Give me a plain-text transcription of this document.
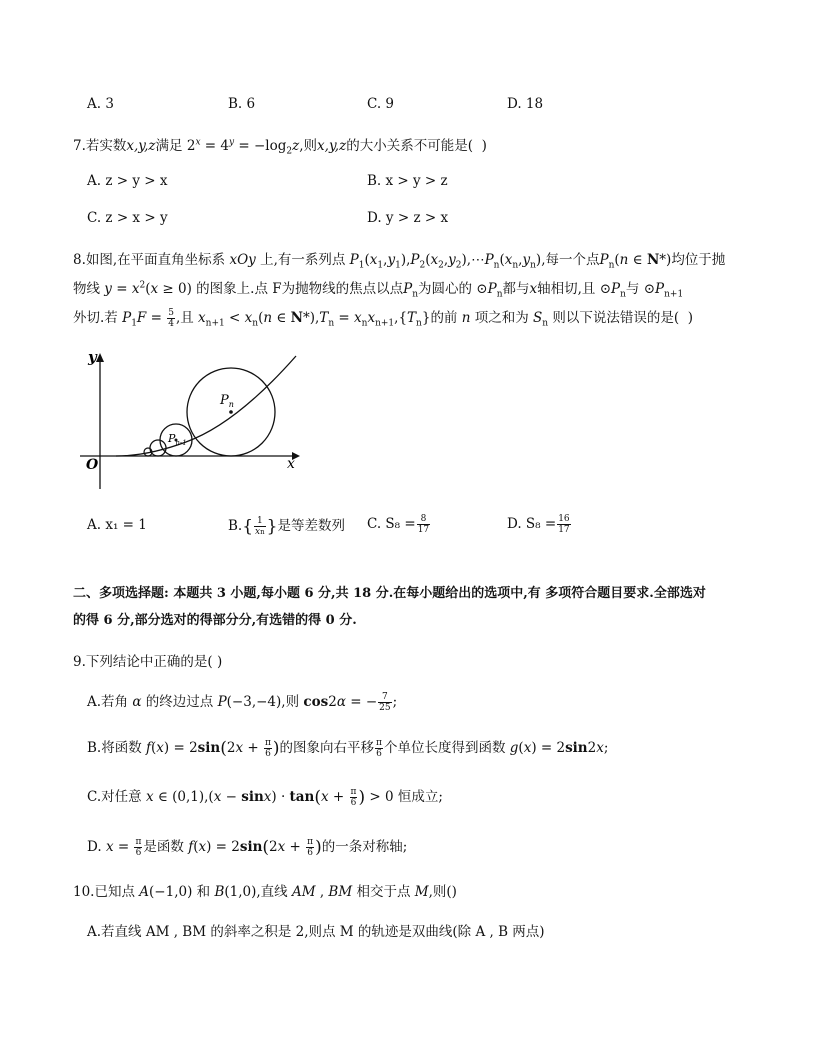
A. 3	B. 6	C. 9	D. 18
7.若实数x,y,z满足 $2^x = 4^y = -\log_2z$,则x,y,z的大小关系不可能是( )
A. z > y > x	B. x > y > z
C. z > x > y	D. y > z > x
8.如图,在平面直角坐标系 xOy 上,有一系列点 $P_1(x_1,y_1),P_2(x_2,y_2),\cdots P_n(x_n,y_n)$,每一个点$P_n(n$ ∈ N*)均位于抛
物线 $y = x^2(x \ge 0)$ 的图象上.点 F为抛物线的焦点以点$P_n$为圆心的 $⊙P_n$都与x轴相切,且 $⊙P_n$与 $⊙P_{n+1}$
外切.若 $P_1F = \frac{5}{4}$ ,且 $x_{n+1} < x_n(n$ ∈ $N*),T_n = x_nx_{n+1},\{T_n\}$的前 n 项之和为 $S_n$ 则以下说法错误的是( )
y
x
O
$P_n$
$P_{n-1}$
A. x₁ = 1	$B.\{ \frac{1}{xn}$ }是等差数列 C. $S_8 = \frac{8}{17}$	D. $S_8 = \frac{16}{17}$
二、多项选择题: 本题共 3 小题,每小题 6 分,共 18 分.在每小题给出的选项中,有 多项符合题目要求.全部选对
的得 6 分,部分选对的得部分分,有选错的得 0 分.
9.下列结论中正确的是( )
A.若角 α 的终边过点 P(−3,−4),则 cos2α = − $\frac{7}{25}$ ;
B.将函数 $f(x) = 2\sin(2x + \frac{\pi}{6}$ )的图象向右平移 $\frac{\pi}{6}$ 个单位长度得到函数 g(x) = 2sin2x;
C.对任意 x ∈ $(0,1),(x - \sin x) \cdot \tan(x + \frac{\pi}{6}$ ) > 0 恒成立;
D. $x = \frac{\pi}{6}$ 是函数 $f(x) = 2\sin(2x + \frac{\pi}{6}$ )的一条对称轴;
10.已知点 A(−1,0) 和 B(1,0),直线 AM , BM 相交于点 M,则()
A.若直线 AM , BM 的斜率之积是 2,则点 M 的轨迹是双曲线(除 A , B 两点)
